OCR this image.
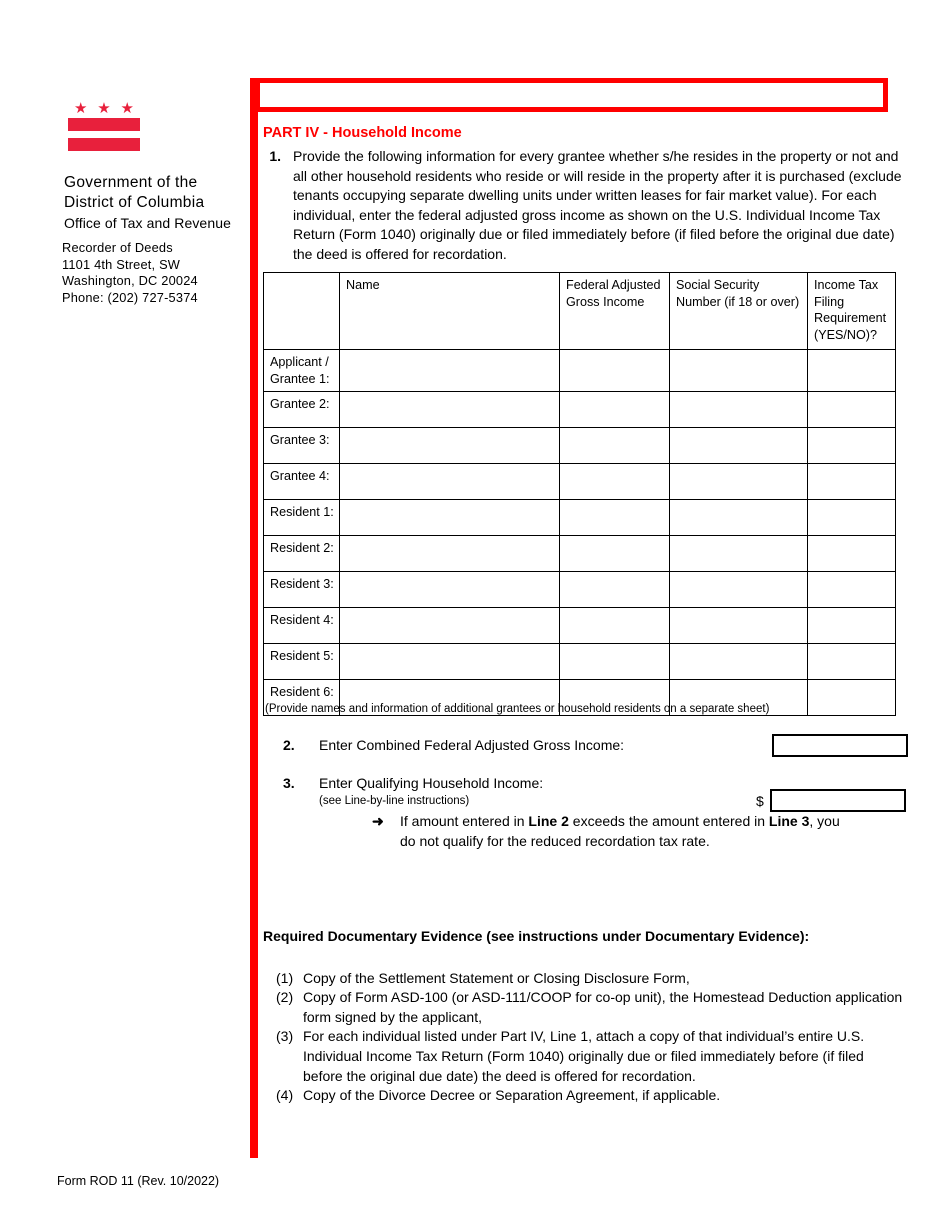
★ ★ ★
Government of the
District of Columbia
Office of Tax and Revenue
Recorder of Deeds
1101 4th Street, SW
Washington, DC 20024
Phone: (202) 727-5374
PART IV - Household Income
1. Provide the following information for every grantee whether s/he resides in the property or not and all other household residents who reside or will reside in the property after it is purchased (exclude tenants occupying separate dwelling units under written leases for fair market value). For each individual, enter the federal adjusted gross income as shown on the U.S. Individual Income Tax Return (Form 1040) originally due or filed immediately before (if filed before the original due date) the deed is offered for recordation.
	Name	Federal Adjusted Gross Income	Social Security Number (if 18 or over)	Income Tax Filing Requirement (YES/NO)?
Applicant / Grantee 1:				
Grantee 2:				
Grantee 3:				
Grantee 4:				
Resident 1:				
Resident 2:				
Resident 3:				
Resident 4:				
Resident 5:				
Resident 6:				
(Provide names and information of additional grantees or household residents on a separate sheet)
2.	Enter Combined Federal Adjusted Gross Income:
3.	Enter Qualifying Household Income:
(see Line-by-line instructions)	$
➜	If amount entered in Line 2 exceeds the amount entered in Line 3, you do not qualify for the reduced recordation tax rate.
Required Documentary Evidence (see instructions under Documentary Evidence):
(1) Copy of the Settlement Statement or Closing Disclosure Form,
(2) Copy of Form ASD-100 (or ASD-111/COOP for co-op unit), the Homestead Deduction application form signed by the applicant,
(3) For each individual listed under Part IV, Line 1, attach a copy of that individual’s entire U.S. Individual Income Tax Return (Form 1040) originally due or filed immediately before (if filed before the original due date) the deed is offered for recordation.
(4) Copy of the Divorce Decree or Separation Agreement, if applicable.
Form ROD 11 (Rev. 10/2022)
